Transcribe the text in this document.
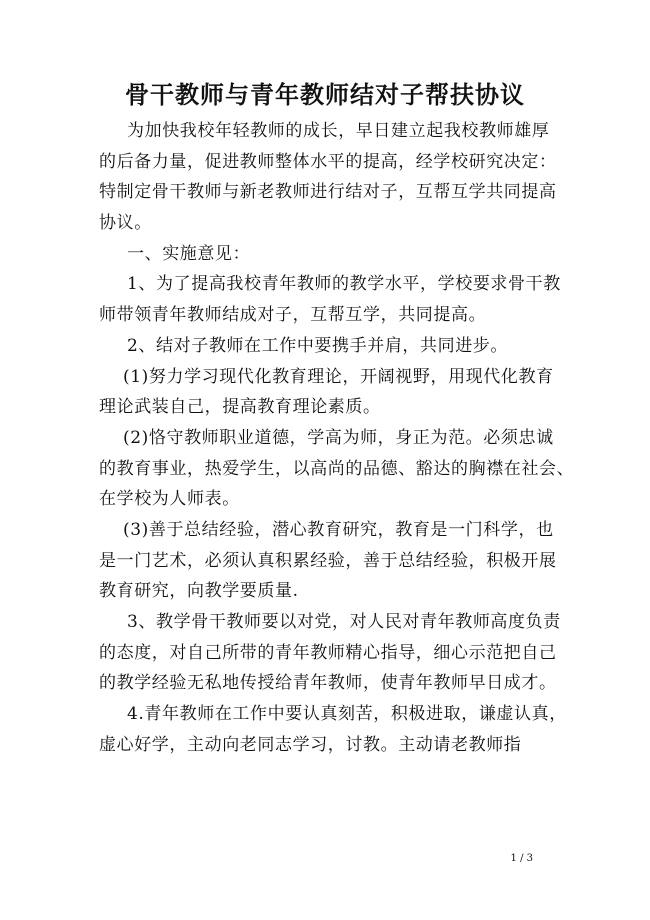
骨干教师与青年教师结对子帮扶协议
为加快我校年轻教师的成长，早日建立起我校教师雄厚
的后备力量，促进教师整体水平的提高，经学校研究决定：
特制定骨干教师与新老教师进行结对子，互帮互学共同提高
协议。
一、实施意见：
1、为了提高我校青年教师的教学水平，学校要求骨干教
师带领青年教师结成对子，互帮互学，共同提高。
2、结对子教师在工作中要携手并肩，共同进步。
(1)努力学习现代化教育理论，开阔视野，用现代化教育
理论武装自己，提高教育理论素质。
(2)恪守教师职业道德，学高为师，身正为范。必须忠诚
的教育事业，热爱学生，以高尚的品德、豁达的胸襟在社会、
在学校为人师表。
(3)善于总结经验，潜心教育研究，教育是一门科学，也
是一门艺术，必须认真积累经验，善于总结经验，积极开展
教育研究，向教学要质量.
3、教学骨干教师要以对党，对人民对青年教师高度负责
的态度，对自己所带的青年教师精心指导，细心示范把自己
的教学经验无私地传授给青年教师，使青年教师早日成才。
4.青年教师在工作中要认真刻苦，积极进取，谦虚认真，
虚心好学，主动向老同志学习，讨教。主动请老教师指
1 / 3
